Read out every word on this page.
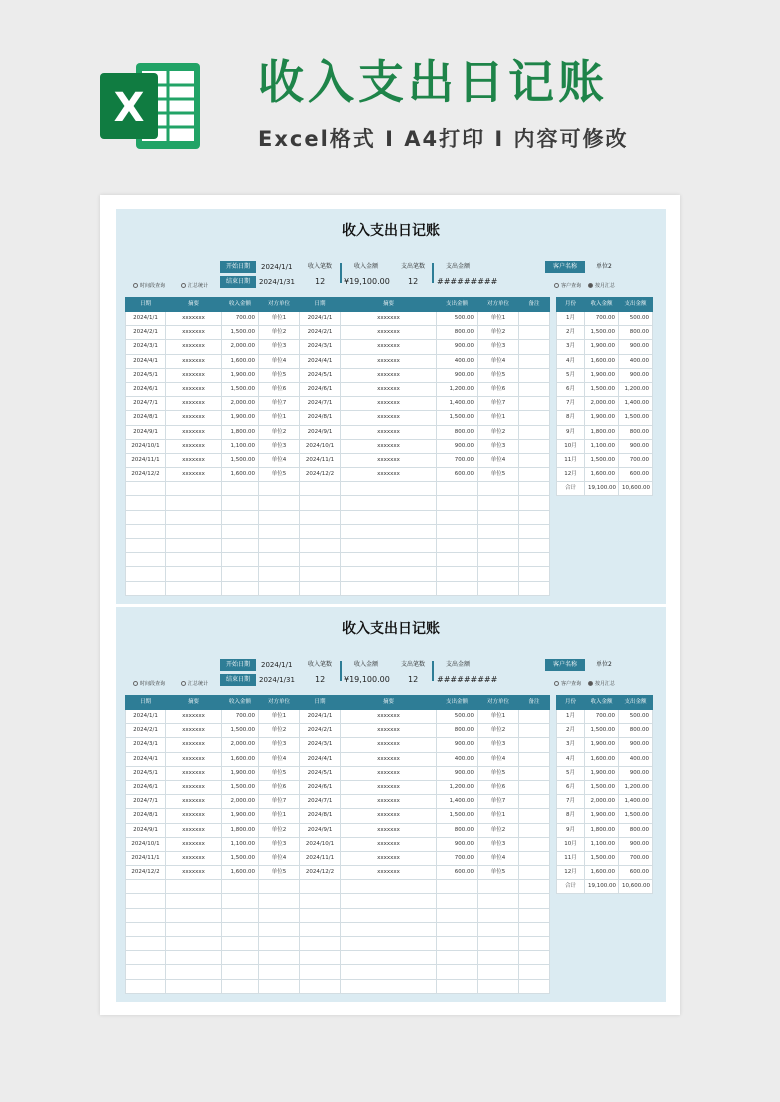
X 收入支出日记账
Excel格式 I A4打印 I 内容可修改
收入支出日记账
开始日期	2024/1/1
结束日期	2024/1/31
收入笔数
12
收入金额
¥19,100.00
支出笔数
12
支出金额
#########
客户名称	单位2
时间段查询	汇总统计	客户查询	按月汇总
日期	摘要	收入金额	对方单位	日期	摘要	支出金额	对方单位	备注
2024/1/1	xxxxxxx	700.00	单位1	2024/1/1	xxxxxxx	500.00	单位1	
2024/2/1	xxxxxxx	1,500.00	单位2	2024/2/1	xxxxxxx	800.00	单位2	
2024/3/1	xxxxxxx	2,000.00	单位3	2024/3/1	xxxxxxx	900.00	单位3	
2024/4/1	xxxxxxx	1,600.00	单位4	2024/4/1	xxxxxxx	400.00	单位4	
2024/5/1	xxxxxxx	1,900.00	单位5	2024/5/1	xxxxxxx	900.00	单位5	
2024/6/1	xxxxxxx	1,500.00	单位6	2024/6/1	xxxxxxx	1,200.00	单位6	
2024/7/1	xxxxxxx	2,000.00	单位7	2024/7/1	xxxxxxx	1,400.00	单位7	
2024/8/1	xxxxxxx	1,900.00	单位1	2024/8/1	xxxxxxx	1,500.00	单位1	
2024/9/1	xxxxxxx	1,800.00	单位2	2024/9/1	xxxxxxx	800.00	单位2	
2024/10/1	xxxxxxx	1,100.00	单位3	2024/10/1	xxxxxxx	900.00	单位3	
2024/11/1	xxxxxxx	1,500.00	单位4	2024/11/1	xxxxxxx	700.00	单位4	
2024/12/2	xxxxxxx	1,600.00	单位5	2024/12/2	xxxxxxx	600.00	单位5	

月份	收入金额	支出金额
1月	700.00	500.00
2月	1,500.00	800.00
3月	1,900.00	900.00
4月	1,600.00	400.00
5月	1,900.00	900.00
6月	1,500.00	1,200.00
7月	2,000.00	1,400.00
8月	1,900.00	1,500.00
9月	1,800.00	800.00
10月	1,100.00	900.00
11月	1,500.00	700.00
12月	1,600.00	600.00
合计	19,100.00	10,600.00
收入支出日记账
开始日期	2024/1/1
结束日期	2024/1/31
收入笔数
12
收入金额
¥19,100.00
支出笔数
12
支出金额
#########
客户名称	单位2
时间段查询	汇总统计	客户查询	按月汇总
日期	摘要	收入金额	对方单位	日期	摘要	支出金额	对方单位	备注
2024/1/1	xxxxxxx	700.00	单位1	2024/1/1	xxxxxxx	500.00	单位1	
2024/2/1	xxxxxxx	1,500.00	单位2	2024/2/1	xxxxxxx	800.00	单位2	
2024/3/1	xxxxxxx	2,000.00	单位3	2024/3/1	xxxxxxx	900.00	单位3	
2024/4/1	xxxxxxx	1,600.00	单位4	2024/4/1	xxxxxxx	400.00	单位4	
2024/5/1	xxxxxxx	1,900.00	单位5	2024/5/1	xxxxxxx	900.00	单位5	
2024/6/1	xxxxxxx	1,500.00	单位6	2024/6/1	xxxxxxx	1,200.00	单位6	
2024/7/1	xxxxxxx	2,000.00	单位7	2024/7/1	xxxxxxx	1,400.00	单位7	
2024/8/1	xxxxxxx	1,900.00	单位1	2024/8/1	xxxxxxx	1,500.00	单位1	
2024/9/1	xxxxxxx	1,800.00	单位2	2024/9/1	xxxxxxx	800.00	单位2	
2024/10/1	xxxxxxx	1,100.00	单位3	2024/10/1	xxxxxxx	900.00	单位3	
2024/11/1	xxxxxxx	1,500.00	单位4	2024/11/1	xxxxxxx	700.00	单位4	
2024/12/2	xxxxxxx	1,600.00	单位5	2024/12/2	xxxxxxx	600.00	单位5	

月份	收入金额	支出金额
1月	700.00	500.00
2月	1,500.00	800.00
3月	1,900.00	900.00
4月	1,600.00	400.00
5月	1,900.00	900.00
6月	1,500.00	1,200.00
7月	2,000.00	1,400.00
8月	1,900.00	1,500.00
9月	1,800.00	800.00
10月	1,100.00	900.00
11月	1,500.00	700.00
12月	1,600.00	600.00
合计	19,100.00	10,600.00
